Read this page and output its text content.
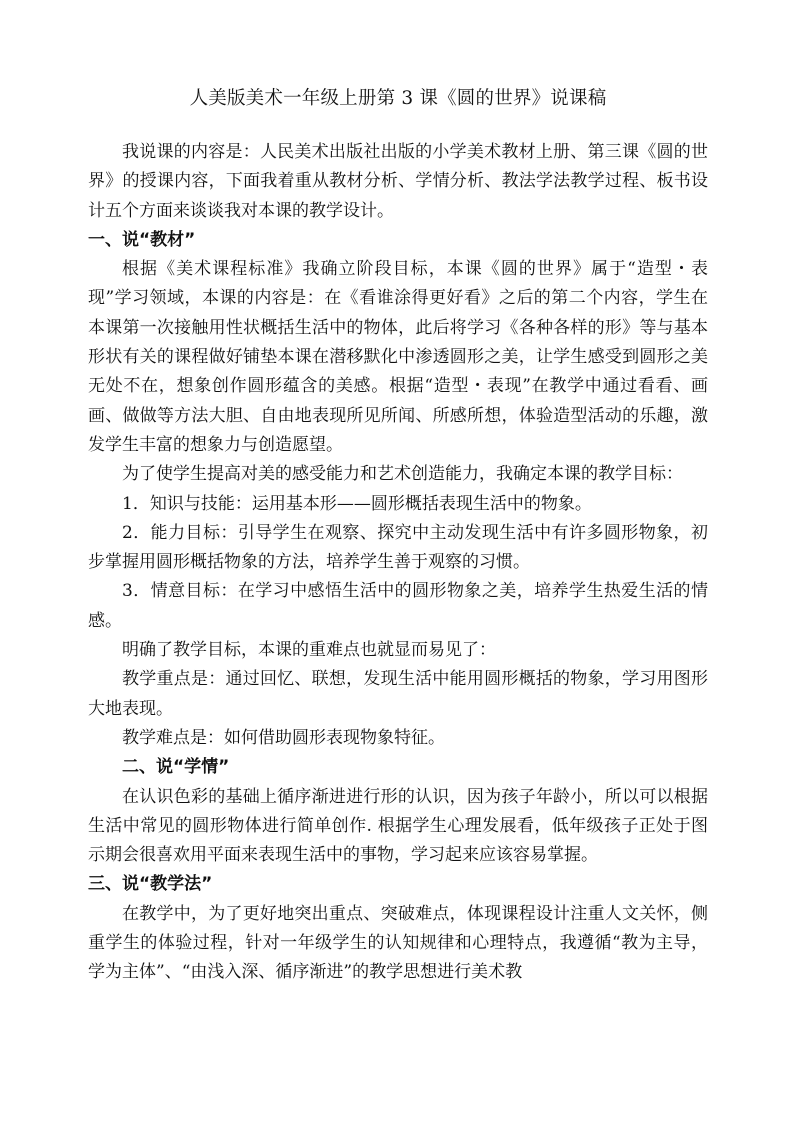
人美版美术一年级上册第 3 课《圆的世界》说课稿

我说课的内容是：人民美术出版社出版的小学美术教材上册、第三课《圆的世界》的授课内容，下面我着重从教材分析、学情分析、教法学法教学过程、板书设计五个方面来谈谈我对本课的教学设计。

一、说“教材”

根据《美术课程标准》我确立阶段目标，本课《圆的世界》属于“造型・表现”学习领域，本课的内容是：在《看谁涂得更好看》之后的第二个内容，学生在本课第一次接触用性状概括生活中的物体，此后将学习《各种各样的形》等与基本形状有关的课程做好铺垫本课在潜移默化中渗透圆形之美，让学生感受到圆形之美无处不在，想象创作圆形蕴含的美感。根据“造型・表现”在教学中通过看看、画画、做做等方法大胆、自由地表现所见所闻、所感所想，体验造型活动的乐趣，激发学生丰富的想象力与创造愿望。

为了使学生提高对美的感受能力和艺术创造能力，我确定本课的教学目标：

1．知识与技能：运用基本形——圆形概括表现生活中的物象。

2．能力目标：引导学生在观察、探究中主动发现生活中有许多圆形物象，初步掌握用圆形概括物象的方法，培养学生善于观察的习惯。

3．情意目标：在学习中感悟生活中的圆形物象之美，培养学生热爱生活的情感。

明确了教学目标，本课的重难点也就显而易见了：

教学重点是：通过回忆、联想，发现生活中能用圆形概括的物象，学习用图形大地表现。

教学难点是：如何借助圆形表现物象特征。

二、说“学情”

在认识色彩的基础上循序渐进进行形的认识，因为孩子年龄小，所以可以根据生活中常见的圆形物体进行简单创作. 根据学生心理发展看，低年级孩子正处于图示期会很喜欢用平面来表现生活中的事物，学习起来应该容易掌握。

三、说“教学法”

在教学中，为了更好地突出重点、突破难点，体现课程设计注重人文关怀，侧重学生的体验过程，针对一年级学生的认知规律和心理特点，我遵循“教为主导，学为主体”、“由浅入深、循序渐进”的教学思想进行美术教
